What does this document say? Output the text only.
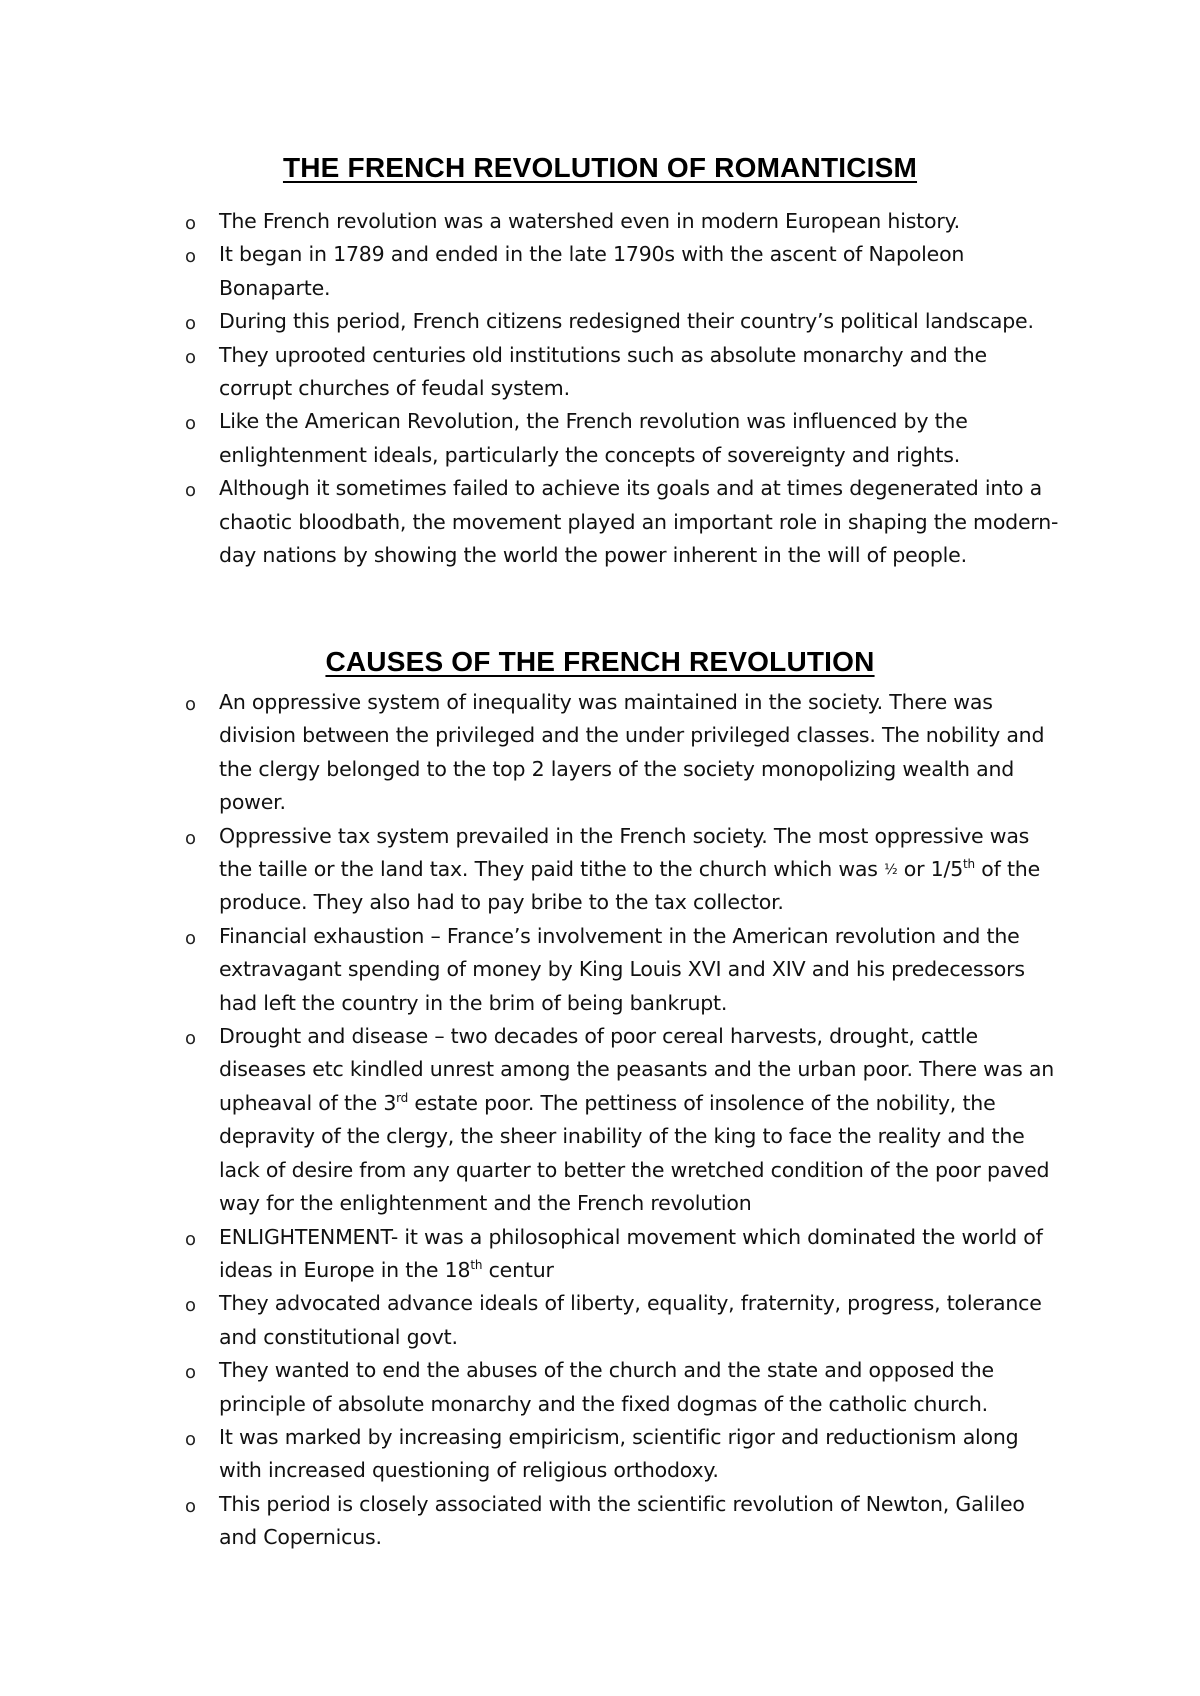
THE FRENCH REVOLUTION OF ROMANTICISM
o The French revolution was a watershed even in modern European history.
o It began in 1789 and ended in the late 1790s with the ascent of Napoleon Bonaparte.
o During this period, French citizens redesigned their country’s political landscape.
o They uprooted centuries old institutions such as absolute monarchy and the corrupt churches of feudal system.
o Like the American Revolution, the French revolution was influenced by the enlightenment ideals, particularly the concepts of sovereignty and rights.
o Although it sometimes failed to achieve its goals and at times degenerated into a chaotic bloodbath, the movement played an important role in shaping the modern-day nations by showing the world the power inherent in the will of people.
CAUSES OF THE FRENCH REVOLUTION
o An oppressive system of inequality was maintained in the society. There was division between the privileged and the under privileged classes. The nobility and the clergy belonged to the top 2 layers of the society monopolizing wealth and power.
o Oppressive tax system prevailed in the French society. The most oppressive was the taille or the land tax. They paid tithe to the church which was ½ or 1/5th of the produce. They also had to pay bribe to the tax collector.
o Financial exhaustion – France’s involvement in the American revolution and the extravagant spending of money by King Louis XVI and XIV and his predecessors had left the country in the brim of being bankrupt.
o Drought and disease – two decades of poor cereal harvests, drought, cattle diseases etc kindled unrest among the peasants and the urban poor. There was an upheaval of the 3rd estate poor. The pettiness of insolence of the nobility, the depravity of the clergy, the sheer inability of the king to face the reality and the lack of desire from any quarter to better the wretched condition of the poor paved way for the enlightenment and the French revolution
o ENLIGHTENMENT- it was a philosophical movement which dominated the world of ideas in Europe in the 18th centur
o They advocated advance ideals of liberty, equality, fraternity, progress, tolerance and constitutional govt.
o They wanted to end the abuses of the church and the state and opposed the principle of absolute monarchy and the fixed dogmas of the catholic church.
o It was marked by increasing empiricism, scientific rigor and reductionism along with increased questioning of religious orthodoxy.
o This period is closely associated with the scientific revolution of Newton, Galileo and Copernicus.
